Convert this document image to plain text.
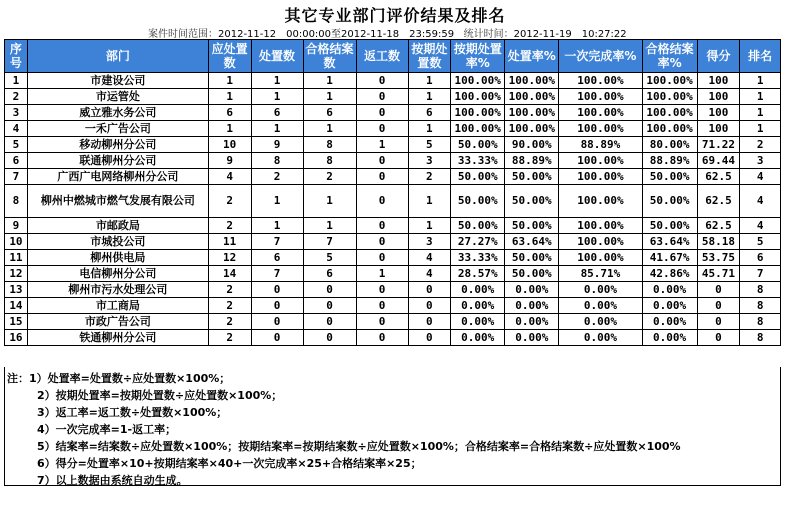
其它专业部门评价结果及排名
案件时间范围：2012-11-12　00:00:00至2012-11-18　23:59:59 统计时间：2012-11-19　10:27:22
序号	部门	应处置数	处置数	合格结案数	返工数	按期处置数	按期处置率%	处置率%	一次完成率%	合格结案率%	得分	排名
1	市建设公司	1	1	1	0	1	100.00%	100.00%	100.00%	100.00%	100	1
2	市运管处	1	1	1	0	1	100.00%	100.00%	100.00%	100.00%	100	1
3	威立雅水务公司	6	6	6	0	6	100.00%	100.00%	100.00%	100.00%	100	1
4	一禾广告公司	1	1	1	0	1	100.00%	100.00%	100.00%	100.00%	100	1
5	移动柳州分公司	10	9	8	1	5	50.00%	90.00%	88.89%	80.00%	71.22	2
6	联通柳州分公司	9	8	8	0	3	33.33%	88.89%	100.00%	88.89%	69.44	3
7	广西广电网络柳州分公司	4	2	2	0	2	50.00%	50.00%	100.00%	50.00%	62.5	4
8	柳州中燃城市燃气发展有限公司	2	1	1	0	1	50.00%	50.00%	100.00%	50.00%	62.5	4
9	市邮政局	2	1	1	0	1	50.00%	50.00%	100.00%	50.00%	62.5	4
10	市城投公司	11	7	7	0	3	27.27%	63.64%	100.00%	63.64%	58.18	5
11	柳州供电局	12	6	5	0	4	33.33%	50.00%	100.00%	41.67%	53.75	6
12	电信柳州分公司	14	7	6	1	4	28.57%	50.00%	85.71%	42.86%	45.71	7
13	柳州市污水处理公司	2	0	0	0	0	0.00%	0.00%	0.00%	0.00%	0	8
14	市工商局	2	0	0	0	0	0.00%	0.00%	0.00%	0.00%	0	8
15	市政广告公司	2	0	0	0	0	0.00%	0.00%	0.00%	0.00%	0	8
16	铁通柳州分公司	2	0	0	0	0	0.00%	0.00%	0.00%	0.00%	0	8
注：1）处置率=处置数÷应处置数×100%；
2）按期处置率=按期处置数÷应处置数×100%；
3）返工率=返工数÷处置数×100%；
4）一次完成率=1-返工率；
5）结案率=结案数÷应处置数×100%；按期结案率=按期结案数÷应处置数×100%；合格结案率=合格结案数÷应处置数×100%
6）得分=处置率×10+按期结案率×40+一次完成率×25+合格结案率×25；
7）以上数据由系统自动生成。
